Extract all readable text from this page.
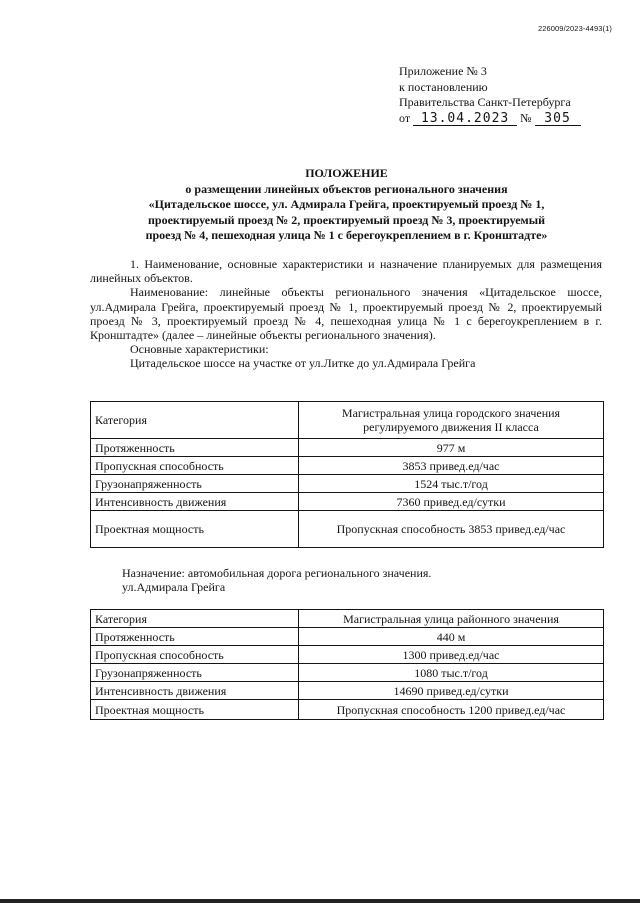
226009/2023-4493(1)
Приложение № 3
к постановлению
Правительства Санкт-Петербурга
от 13.04.2023 № 305
ПОЛОЖЕНИЕ
о размещении линейных объектов регионального значения
«Цитадельское шоссе, ул. Адмирала Грейга, проектируемый проезд № 1,
проектируемый проезд № 2, проектируемый проезд № 3, проектируемый
проезд № 4, пешеходная улица № 1 с берегоукреплением в г. Кронштадте»

1. Наименование, основные характеристики и назначение планируемых для размещения линейных объектов.

Наименование: линейные объекты регионального значения «Цитадельское шоссе, ул.Адмирала Грейга, проектируемый проезд № 1, проектируемый проезд № 2, проектируемый проезд № 3, проектируемый проезд № 4, пешеходная улица № 1 с берегоукреплением в г. Кронштадте» (далее – линейные объекты регионального значения).

Основные характеристики:

Цитадельское шоссе на участке от ул.Литке до ул.Адмирала Грейга

Категория	Магистральная улица городского значения регулируемого движения II класса
Протяженность	977 м
Пропускная способность	3853 привед.ед/час
Грузонапряженность	1524 тыс.т/год
Интенсивность движения	7360 привед.ед/сутки
Проектная мощность	Пропускная способность 3853 привед.ед/час
Назначение: автомобильная дорога регионального значения.
ул.Адмирала Грейга
Категория	Магистральная улица районного значения
Протяженность	440 м
Пропускная способность	1300 привед.ед/час
Грузонапряженность	1080 тыс.т/год
Интенсивность движения	14690 привед.ед/сутки
Проектная мощность	Пропускная способность 1200 привед.ед/час
